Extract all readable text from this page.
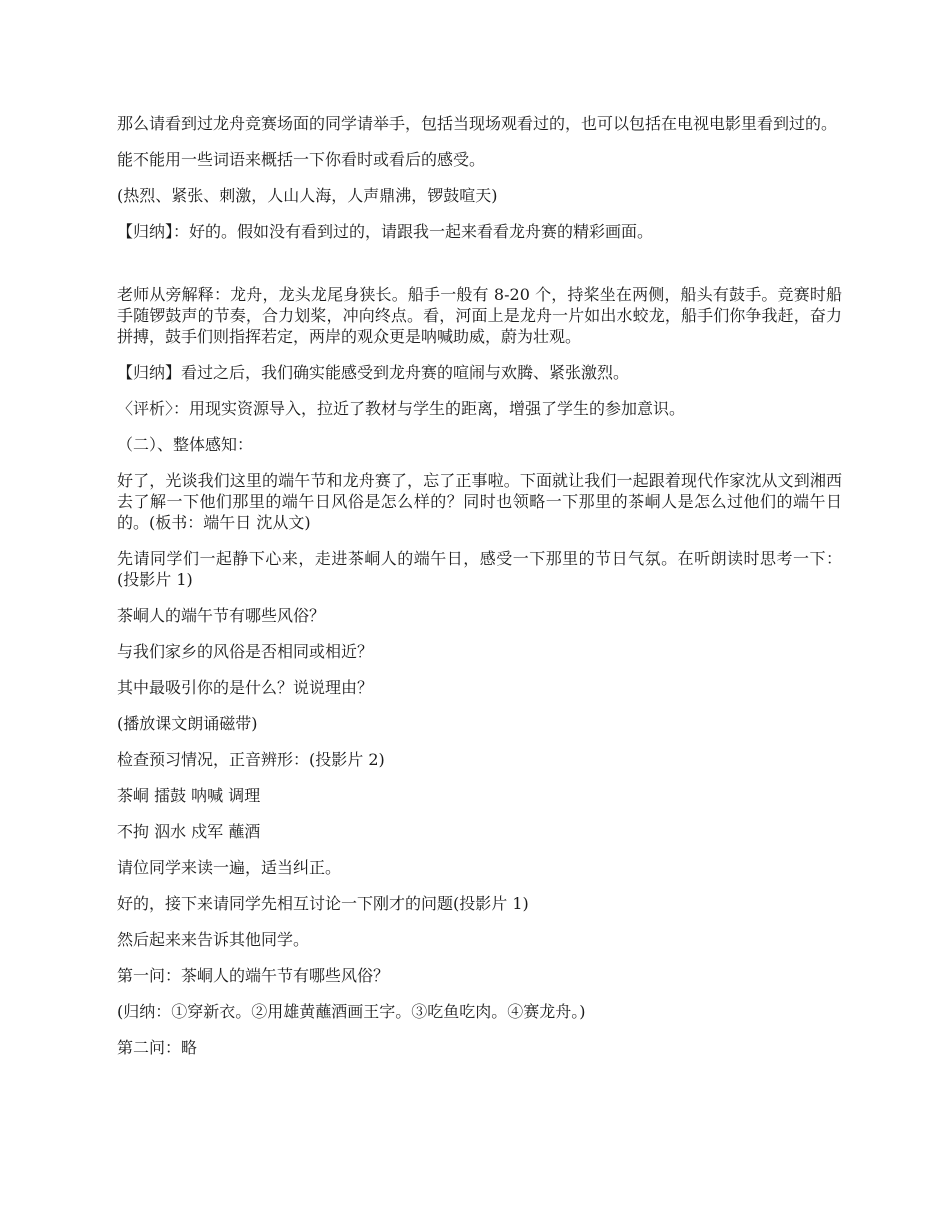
那么请看到过龙舟竞赛场面的同学请举手，包括当现场观看过的，也可以包括在电视电影里看到过的。

能不能用一些词语来概括一下你看时或看后的感受。

(热烈、紧张、刺激，人山人海，人声鼎沸，锣鼓喧天)

【归纳】：好的。假如没有看到过的，请跟我一起来看看龙舟赛的精彩画面。

老师从旁解释：龙舟，龙头龙尾身狭长。船手一般有 8-20 个，持桨坐在两侧，船头有鼓手。竞赛时船手随锣鼓声的节奏，合力划桨，冲向终点。看，河面上是龙舟一片如出水蛟龙，船手们你争我赶，奋力拼搏，鼓手们则指挥若定，两岸的观众更是呐喊助威，蔚为壮观。

【归纳】看过之后，我们确实能感受到龙舟赛的喧闹与欢腾、紧张激烈。

〈评析〉：用现实资源导入，拉近了教材与学生的距离，增强了学生的参加意识。

（二）、整体感知：

好了，光谈我们这里的端午节和龙舟赛了，忘了正事啦。下面就让我们一起跟着现代作家沈从文到湘西去了解一下他们那里的端午日风俗是怎么样的？同时也领略一下那里的茶峒人是怎么过他们的端午日的。(板书：端午日 沈从文)

先请同学们一起静下心来，走进茶峒人的端午日，感受一下那里的节日气氛。在听朗读时思考一下：(投影片 1)

茶峒人的端午节有哪些风俗？

与我们家乡的风俗是否相同或相近？

其中最吸引你的是什么？说说理由？

(播放课文朗诵磁带)

检查预习情况，正音辨形：(投影片 2)

茶峒 擂鼓 呐喊 调理

不拘 泅水 戍军 蘸酒

请位同学来读一遍，适当纠正。

好的，接下来请同学先相互讨论一下刚才的问题(投影片 1)

然后起来来告诉其他同学。

第一问：茶峒人的端午节有哪些风俗？

(归纳：①穿新衣。②用雄黄蘸酒画王字。③吃鱼吃肉。④赛龙舟。)

第二问：略
